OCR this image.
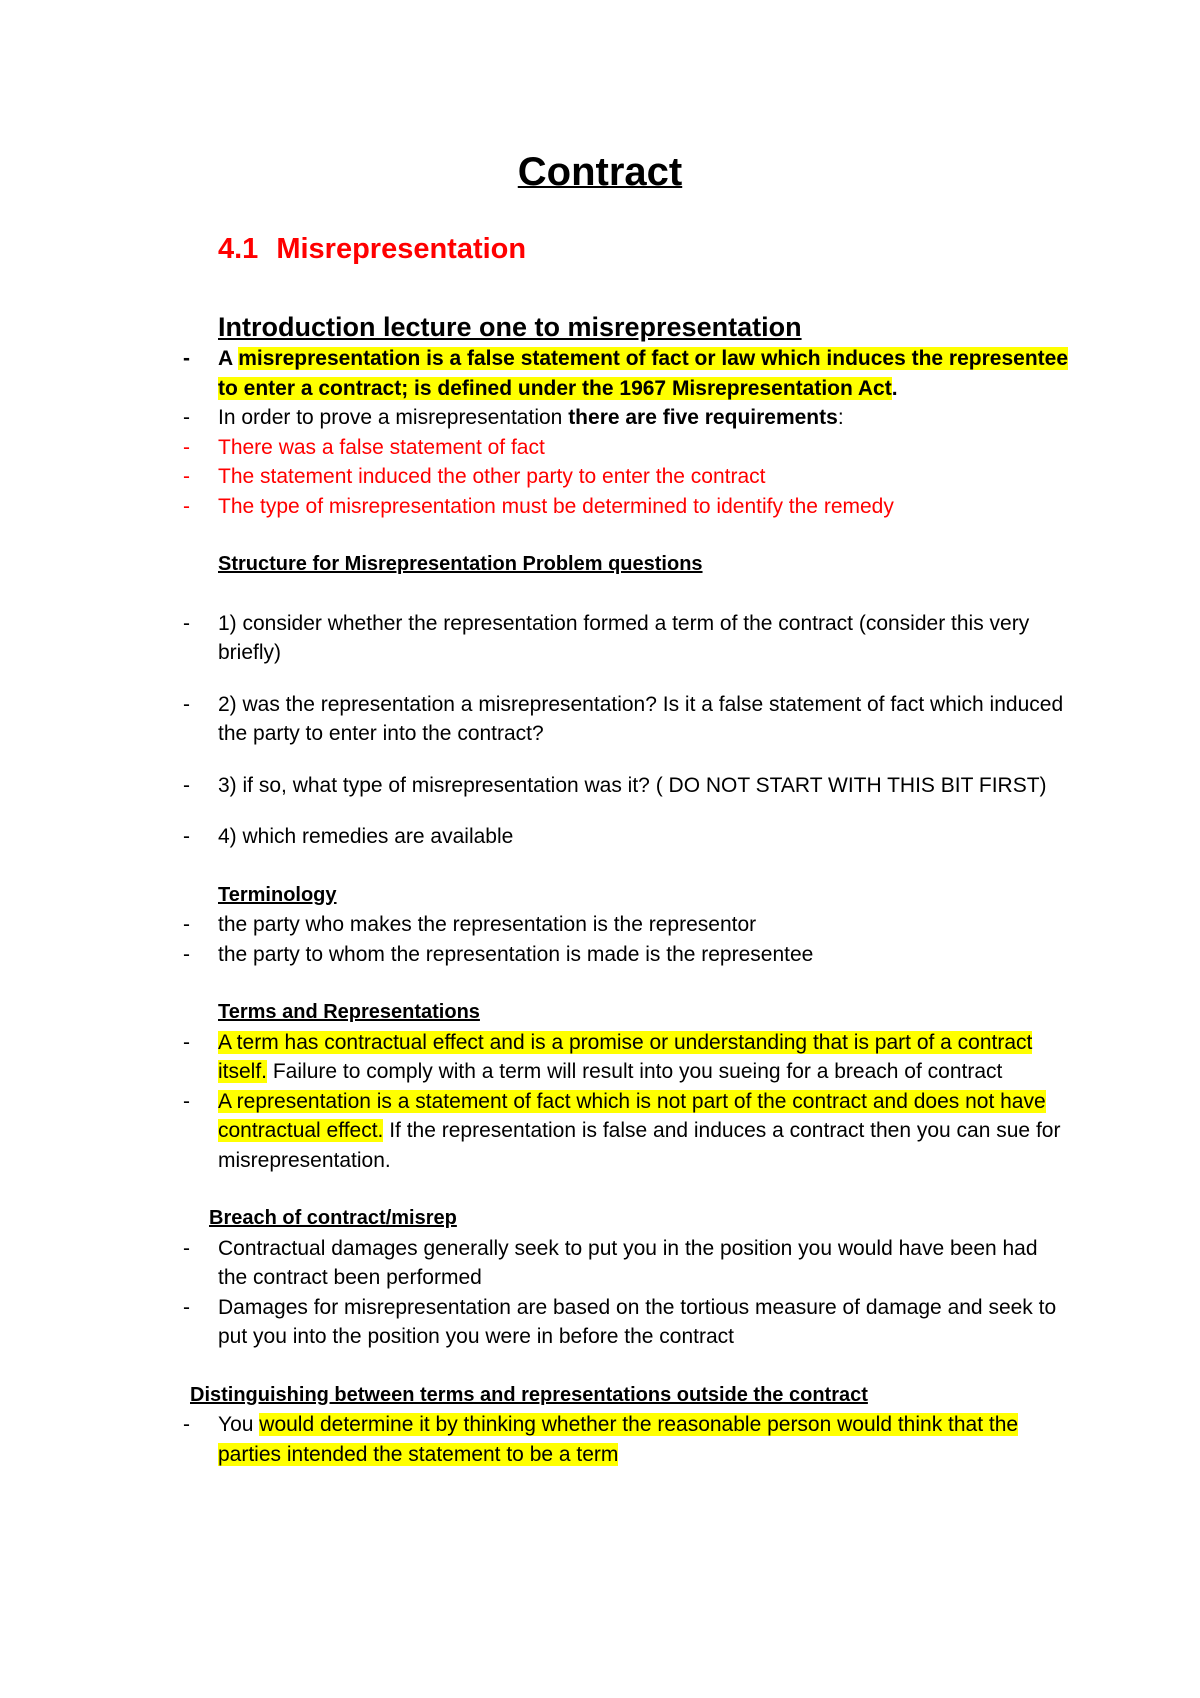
Contract
4.1 Misrepresentation
Introduction lecture one to misrepresentation
- A misrepresentation is a false statement of fact or law which induces the representee to enter a contract; is defined under the 1967 Misrepresentation Act.
- In order to prove a misrepresentation there are five requirements:
- There was a false statement of fact
- The statement induced the other party to enter the contract
- The type of misrepresentation must be determined to identify the remedy
Structure for Misrepresentation Problem questions
- 1) consider whether the representation formed a term of the contract (consider this very briefly)
- 2) was the representation a misrepresentation? Is it a false statement of fact which induced the party to enter into the contract?
- 3) if so, what type of misrepresentation was it? ( DO NOT START WITH THIS BIT FIRST)
- 4) which remedies are available
Terminology
- the party who makes the representation is the representor
- the party to whom the representation is made is the representee
Terms and Representations
- A term has contractual effect and is a promise or understanding that is part of a contract itself. Failure to comply with a term will result into you sueing for a breach of contract
- A representation is a statement of fact which is not part of the contract and does not have contractual effect. If the representation is false and induces a contract then you can sue for misrepresentation.
Breach of contract/misrep
- Contractual damages generally seek to put you in the position you would have been had the contract been performed
- Damages for misrepresentation are based on the tortious measure of damage and seek to put you into the position you were in before the contract
Distinguishing between terms and representations outside the contract
- You would determine it by thinking whether the reasonable person would think that the parties intended the statement to be a term
